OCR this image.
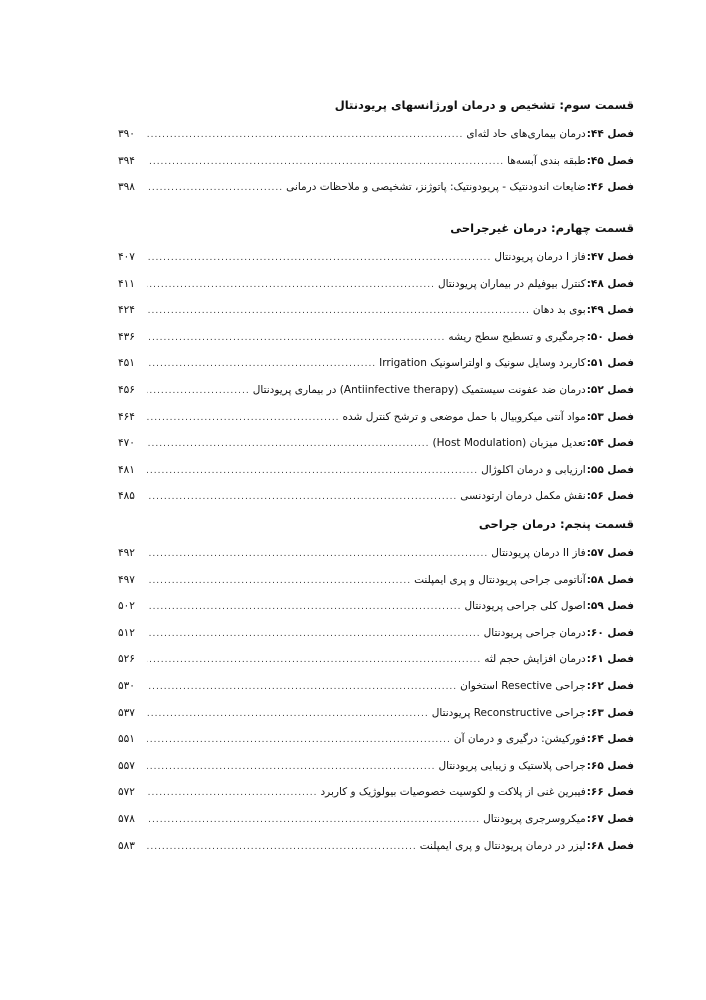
قسمت سوم: تشخیص و درمان اورژانسهای پریودنتال
فصل ۴۴
:
درمان بیماری‌های حاد لثه‌ای
.....
۳۹۰
فصل ۴۵
:
طبقه بندی آبسه‌ها
.....
۳۹۴
فصل ۴۶
:
ضایعات اندودنتیک - پریودونتیک: پاتوژنز، تشخیصی و ملاحظات درمانی
.....
۳۹۸
قسمت چهارم: درمان غیرجراحی
فصل ۴۷
:
فاز I درمان پریودنتال
.....
۴۰۷
فصل ۴۸
:
کنترل بیوفیلم در بیماران پریودنتال
.....
۴۱۱
فصل ۴۹
:
بوی بد دهان
.....
۴۲۴
فصل ۵۰
:
جرمگیری و تسطیح سطح ریشه
.....
۴۳۶
فصل ۵۱
:
کاربرد وسایل سونیک و اولتراسونیک Irrigation
.....
۴۵۱
فصل ۵۲
:
درمان ضد عفونت سیستمیک (Antiinfective therapy) در بیماری پریودنتال
.....
۴۵۶
فصل ۵۳
:
مواد آنتی میکروبیال با حمل موضعی و ترشح کنترل شده
.....
۴۶۴
فصل ۵۴
:
تعدیل میزبان (Host Modulation)
.....
۴۷۰
فصل ۵۵
:
ارزیابی و درمان اکلوژال
.....
۴۸۱
فصل ۵۶
:
نقش مکمل درمان ارتودنسی
.....
۴۸۵
قسمت پنجم: درمان جراحی
فصل ۵۷
:
فاز II درمان پریودنتال
.....
۴۹۲
فصل ۵۸
:
آناتومی جراحی پریودنتال و پری ایمپلنت
.....
۴۹۷
فصل ۵۹
:
اصول کلی جراحی پریودنتال
.....
۵۰۲
فصل ۶۰
:
درمان جراحی پریودنتال
.....
۵۱۲
فصل ۶۱
:
درمان افزایش حجم لثه
.....
۵۲۶
فصل ۶۲
:
جراحی Resective استخوان
.....
۵۳۰
فصل ۶۳
:
جراحی Reconstructive پریودنتال
.....
۵۳۷
فصل ۶۴
:
فورکیشن: درگیری و درمان آن
.....
۵۵۱
فصل ۶۵
:
جراحی پلاستیک و زیبایی پریودنتال
.....
۵۵۷
فصل ۶۶
:
فیبرین غنی از پلاکت و لکوسیت خصوصیات بیولوژیک و کاربرد
.....
۵۷۲
فصل ۶۷
:
میکروسرجری پریودنتال
.....
۵۷۸
فصل ۶۸
:
لیزر در درمان پریودنتال و پری ایمپلنت
.....
۵۸۳
